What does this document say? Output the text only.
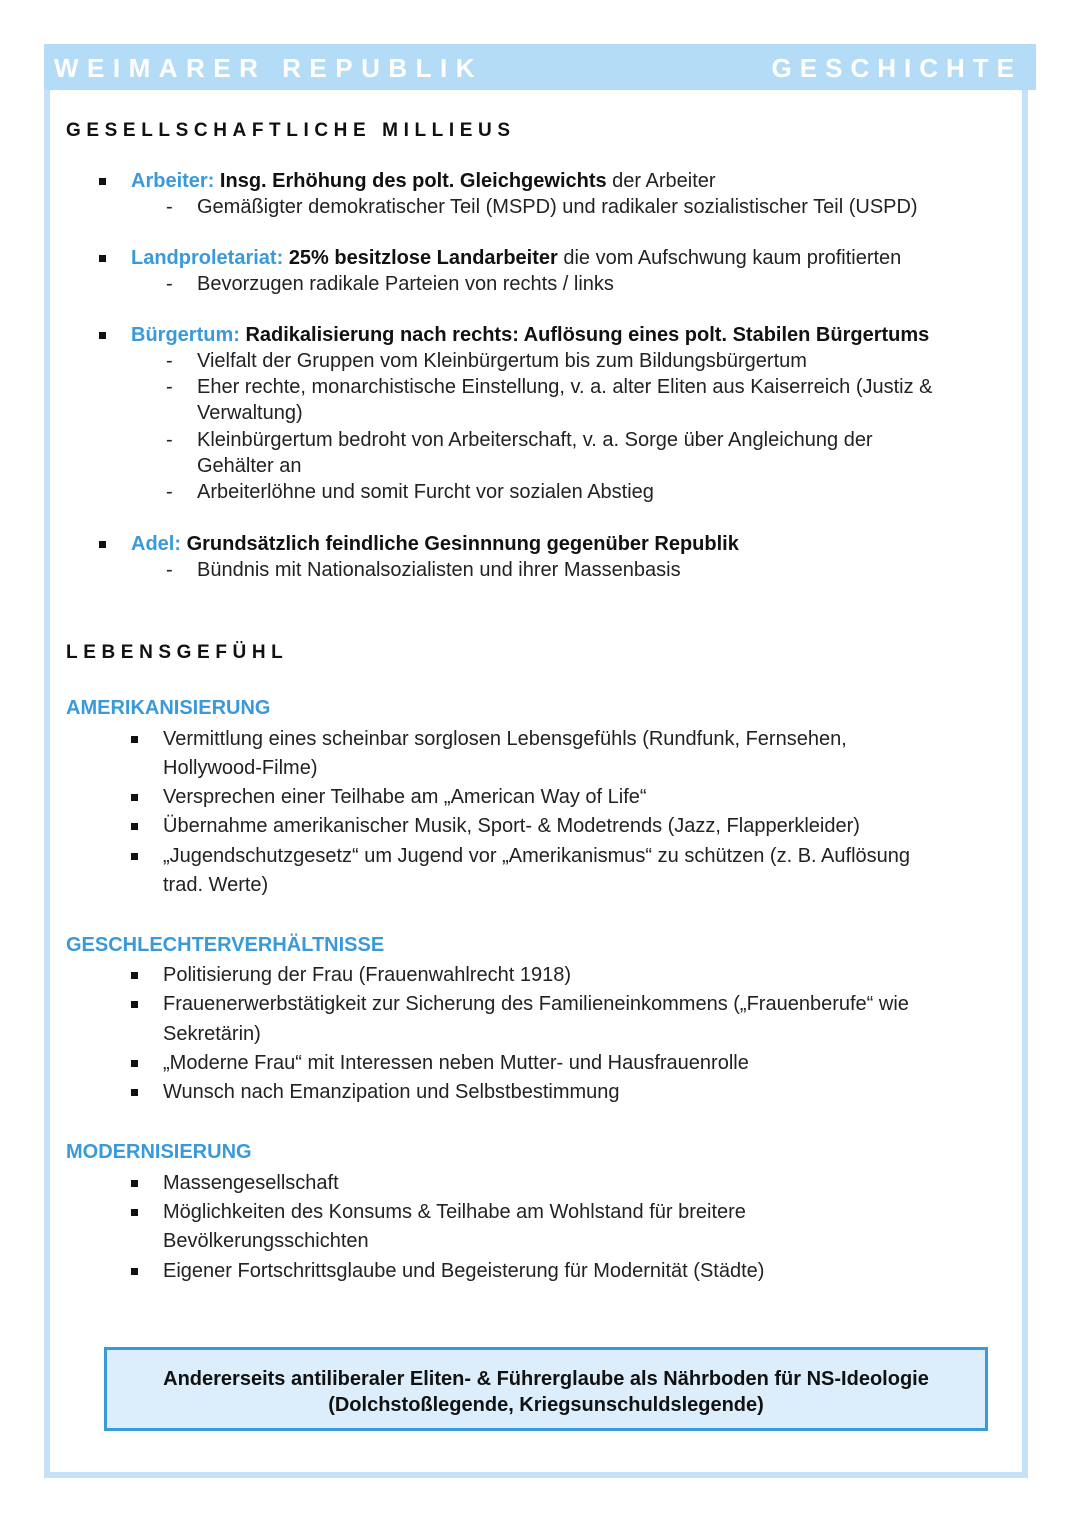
WEIMARER REPUBLIK	GESCHICHTE
GESELLSCHAFTLICHE MILLIEUS
Arbeiter: Insg. Erhöhung des polt. Gleichgewichts der Arbeiter
- Gemäßigter demokratischer Teil (MSPD) und radikaler sozialistischer Teil (USPD)
Landproletariat: 25% besitzlose Landarbeiter die vom Aufschwung kaum profitierten
- Bevorzugen radikale Parteien von rechts / links
Bürgertum: Radikalisierung nach rechts: Auflösung eines polt. Stabilen Bürgertums
- Vielfalt der Gruppen vom Kleinbürgertum bis zum Bildungsbürgertum
- Eher rechte, monarchistische Einstellung, v. a. alter Eliten aus Kaiserreich (Justiz &
Verwaltung)
- Kleinbürgertum bedroht von Arbeiterschaft, v. a. Sorge über Angleichung der
Gehälter an
- Arbeiterlöhne und somit Furcht vor sozialen Abstieg
Adel: Grundsätzlich feindliche Gesinnnung gegenüber Republik
- Bündnis mit Nationalsozialisten und ihrer Massenbasis
LEBENSGEFÜHL
AMERIKANISIERUNG
Vermittlung eines scheinbar sorglosen Lebensgefühls (Rundfunk, Fernsehen,
Hollywood-Filme)
Versprechen einer Teilhabe am „American Way of Life“
Übernahme amerikanischer Musik, Sport- & Modetrends (Jazz, Flapperkleider)
„Jugendschutzgesetz“ um Jugend vor „Amerikanismus“ zu schützen (z. B. Auflösung
trad. Werte)
GESCHLECHTERVERHÄLTNISSE
Politisierung der Frau (Frauenwahlrecht 1918)
Frauenerwerbstätigkeit zur Sicherung des Familieneinkommens („Frauenberufe“ wie
Sekretärin)
„Moderne Frau“ mit Interessen neben Mutter- und Hausfrauenrolle
Wunsch nach Emanzipation und Selbstbestimmung
MODERNISIERUNG
Massengesellschaft
Möglichkeiten des Konsums & Teilhabe am Wohlstand für breitere
Bevölkerungsschichten
Eigener Fortschrittsglaube und Begeisterung für Modernität (Städte)
Andererseits antiliberaler Eliten- & Führerglaube als Nährboden für NS-Ideologie
(Dolchstoßlegende, Kriegsunschuldslegende)
